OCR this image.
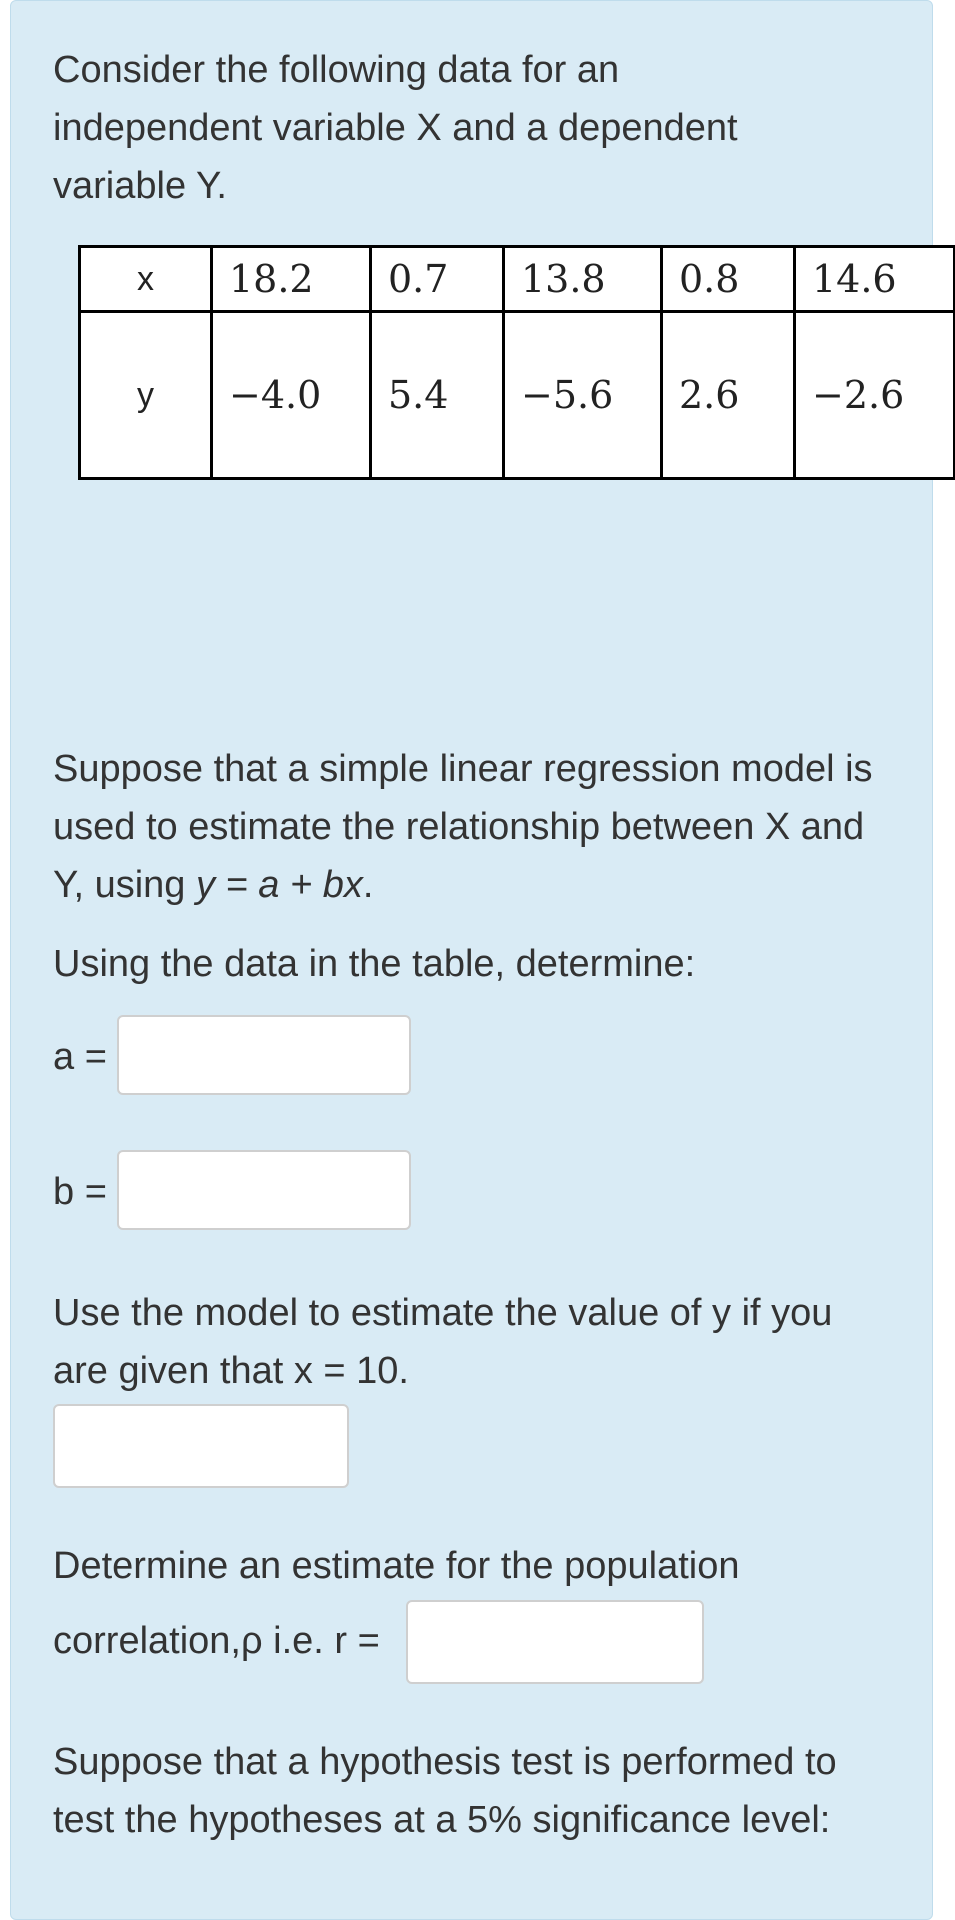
Consider the following data for an independent variable X and a dependent variable Y.

x	18.2	0.7	13.8	0.8	14.6
y	−4.0	5.4	−5.6	2.6	−2.6

Suppose that a simple linear regression model is used to estimate the relationship between X and Y, using y = a + bx.

Using the data in the table, determine:

a =
b =

Use the model to estimate the value of y if you are given that x = 10.

Determine an estimate for the population

correlation,ρ i.e. r =

Suppose that a hypothesis test is performed to test the hypotheses at a 5% significance level:
